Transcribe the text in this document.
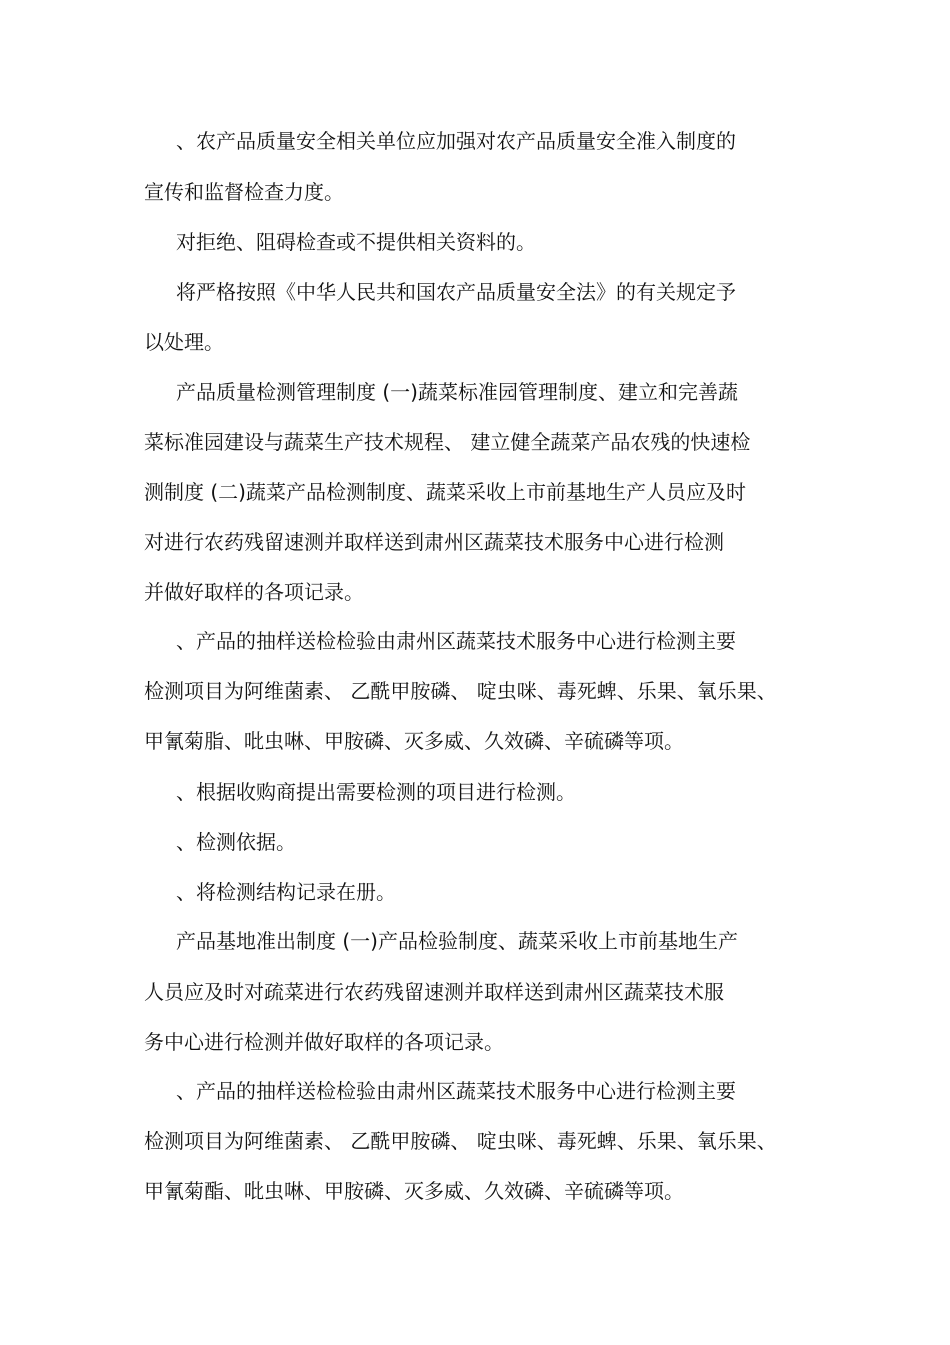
、农产品质量安全相关单位应加强对农产品质量安全准入制度的
宣传和监督检查力度。
对拒绝、阻碍检查或不提供相关资料的。
将严格按照《中华人民共和国农产品质量安全法》的有关规定予
以处理。
产品质量检测管理制度 (一)蔬菜标准园管理制度、建立和完善蔬
菜标准园建设与蔬菜生产技术规程、 建立健全蔬菜产品农残的快速检
测制度 (二)蔬菜产品检测制度、蔬菜采收上市前基地生产人员应及时
对进行农药残留速测并取样送到肃州区蔬菜技术服务中心进行检测
并做好取样的各项记录。
、产品的抽样送检检验由肃州区蔬菜技术服务中心进行检测主要
检测项目为阿维菌素、 乙酰甲胺磷、 啶虫咪、毒死蜱、乐果、氧乐果、
甲氰菊脂、吡虫啉、甲胺磷、灭多威、久效磷、辛硫磷等项。
、根据收购商提出需要检测的项目进行检测。
、检测依据。
、将检测结构记录在册。
产品基地准出制度 (一)产品检验制度、蔬菜采收上市前基地生产
人员应及时对疏菜进行农药残留速测并取样送到肃州区蔬菜技术服
务中心进行检测并做好取样的各项记录。
、产品的抽样送检检验由肃州区蔬菜技术服务中心进行检测主要
检测项目为阿维菌素、 乙酰甲胺磷、 啶虫咪、毒死蜱、乐果、氧乐果、
甲氰菊酯、吡虫啉、甲胺磷、灭多威、久效磷、辛硫磷等项。
